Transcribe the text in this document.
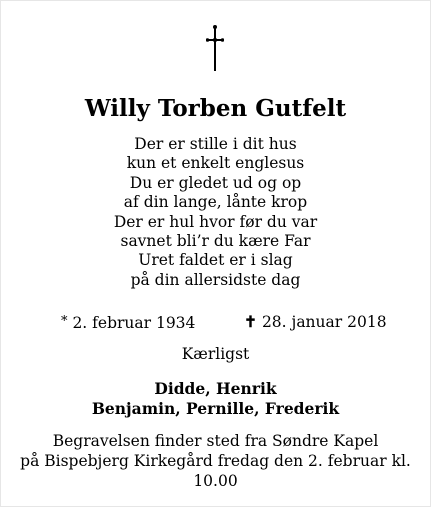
Willy Torben Gutfelt
Der er stille i dit hus
kun et enkelt englesus
Du er gledet ud og op
af din lange, lånte krop
Der er hul hvor før du var
savnet bli’r du kære Far
Uret faldet er i slag
på din allersidste dag
* 2. februar 1934	✝ 28. januar 2018
Kærligst
Didde, Henrik
Benjamin, Pernille, Frederik
Begravelsen finder sted fra Søndre Kapel
på Bispebjerg Kirkegård fredag den 2. februar kl.
10.00
